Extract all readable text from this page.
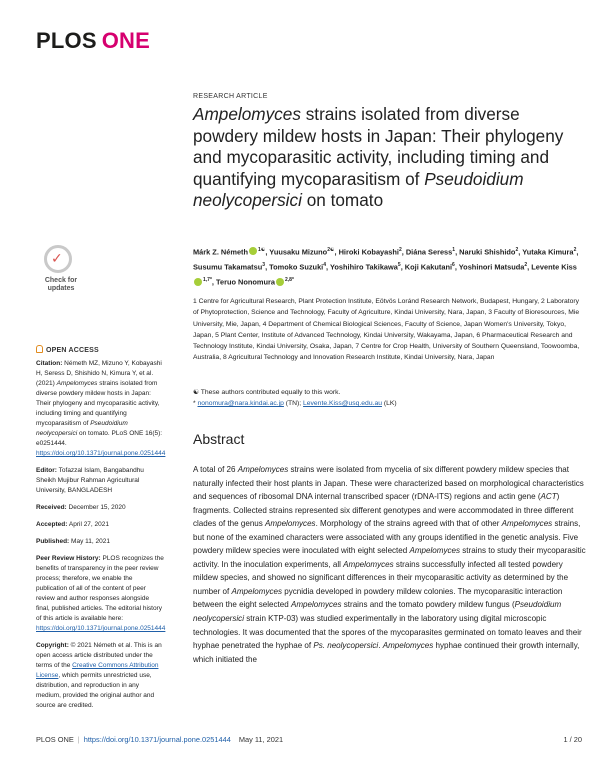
PLOS ONE
RESEARCH ARTICLE
Ampelomyces strains isolated from diverse powdery mildew hosts in Japan: Their phylogeny and mycoparasitic activity, including timing and quantifying mycoparasitism of Pseudoidium neolycopersici on tomato
Márk Z. Németh $^{1☯}$, Yuusaku Mizuno$^{2☯}$, Hiroki Kobayashi$^2$, Diána Seress$^1$, Naruki Shishido$^2$, Yutaka Kimura$^2$, Susumu Takamatsu$^3$, Tomoko Suzuki$^4$, Yoshihiro Takikawa$^5$, Koji Kakutani$^6$, Yoshinori Matsuda$^2$, Levente Kiss$^{1,7*}$, Teruo Nonomura $^{2,8*}$
1 Centre for Agricultural Research, Plant Protection Institute, Eötvös Loránd Research Network, Budapest, Hungary, 2 Laboratory of Phytoprotection, Science and Technology, Faculty of Agriculture, Kindai University, Nara, Japan, 3 Faculty of Bioresources, Mie University, Mie, Japan, 4 Department of Chemical Biological Sciences, Faculty of Science, Japan Women's University, Tokyo, Japan, 5 Plant Center, Institute of Advanced Technology, Kindai University, Wakayama, Japan, 6 Pharmaceutical Research and Technology Institute, Kindai University, Osaka, Japan, 7 Centre for Crop Health, University of Southern Queensland, Toowoomba, Australia, 8 Agricultural Technology and Innovation Research Institute, Kindai University, Nara, Japan
☯ These authors contributed equally to this work.
* nonomura@nara.kindai.ac.jp (TN); Levente.Kiss@usq.edu.au (LK)
Abstract
A total of 26 Ampelomyces strains were isolated from mycelia of six different powdery mildew species that naturally infected their host plants in Japan. These were characterized based on morphological characteristics and sequences of ribosomal DNA internal transcribed spacer (rDNA-ITS) regions and actin gene (ACT) fragments. Collected strains represented six different genotypes and were accommodated in three different clades of the genus Ampelomyces. Morphology of the strains agreed with that of other Ampelomyces strains, but none of the examined characters were associated with any groups identified in the genetic analysis. Five powdery mildew species were inoculated with eight selected Ampelomyces strains to study their mycoparasitic activity. In the inoculation experiments, all Ampelomyces strains successfully infected all tested powdery mildew species, and showed no significant differences in their mycoparasitic activity as determined by the number of Ampelomyces pycnidia developed in powdery mildew colonies. The mycoparasitic interaction between the eight selected Ampelomyces strains and the tomato powdery mildew fungus (Pseudoidium neolycopersici strain KTP-03) was studied experimentally in the laboratory using digital microscopic technologies. It was documented that the spores of the mycoparasites germinated on tomato leaves and their hyphae penetrated the hyphae of Ps. neolycopersici. Ampelomyces hyphae continued their growth internally, which initiated the
✓
Check for
updates
OPEN ACCESS

Citation: Németh MZ, Mizuno Y, Kobayashi H, Seress D, Shishido N, Kimura Y, et al. (2021) Ampelomyces strains isolated from diverse powdery mildew hosts in Japan: Their phylogeny and mycoparasitic activity, including timing and quantifying mycoparasitism of Pseudoidium neolycopersici on tomato. PLoS ONE 16(5): e0251444. https://doi.org/10.1371/journal.pone.0251444

Editor: Tofazzal Islam, Bangabandhu Sheikh Mujibur Rahman Agricultural University, BANGLADESH

Received: December 15, 2020

Accepted: April 27, 2021

Published: May 11, 2021

Peer Review History: PLOS recognizes the benefits of transparency in the peer review process; therefore, we enable the publication of all of the content of peer review and author responses alongside final, published articles. The editorial history of this article is available here: https://doi.org/10.1371/journal.pone.0251444

Copyright: © 2021 Németh et al. This is an open access article distributed under the terms of the Creative Commons Attribution License, which permits unrestricted use, distribution, and reproduction in any medium, provided the original author and source are credited.

PLOS ONE | https://doi.org/10.1371/journal.pone.0251444 May 11, 2021	1 / 20
